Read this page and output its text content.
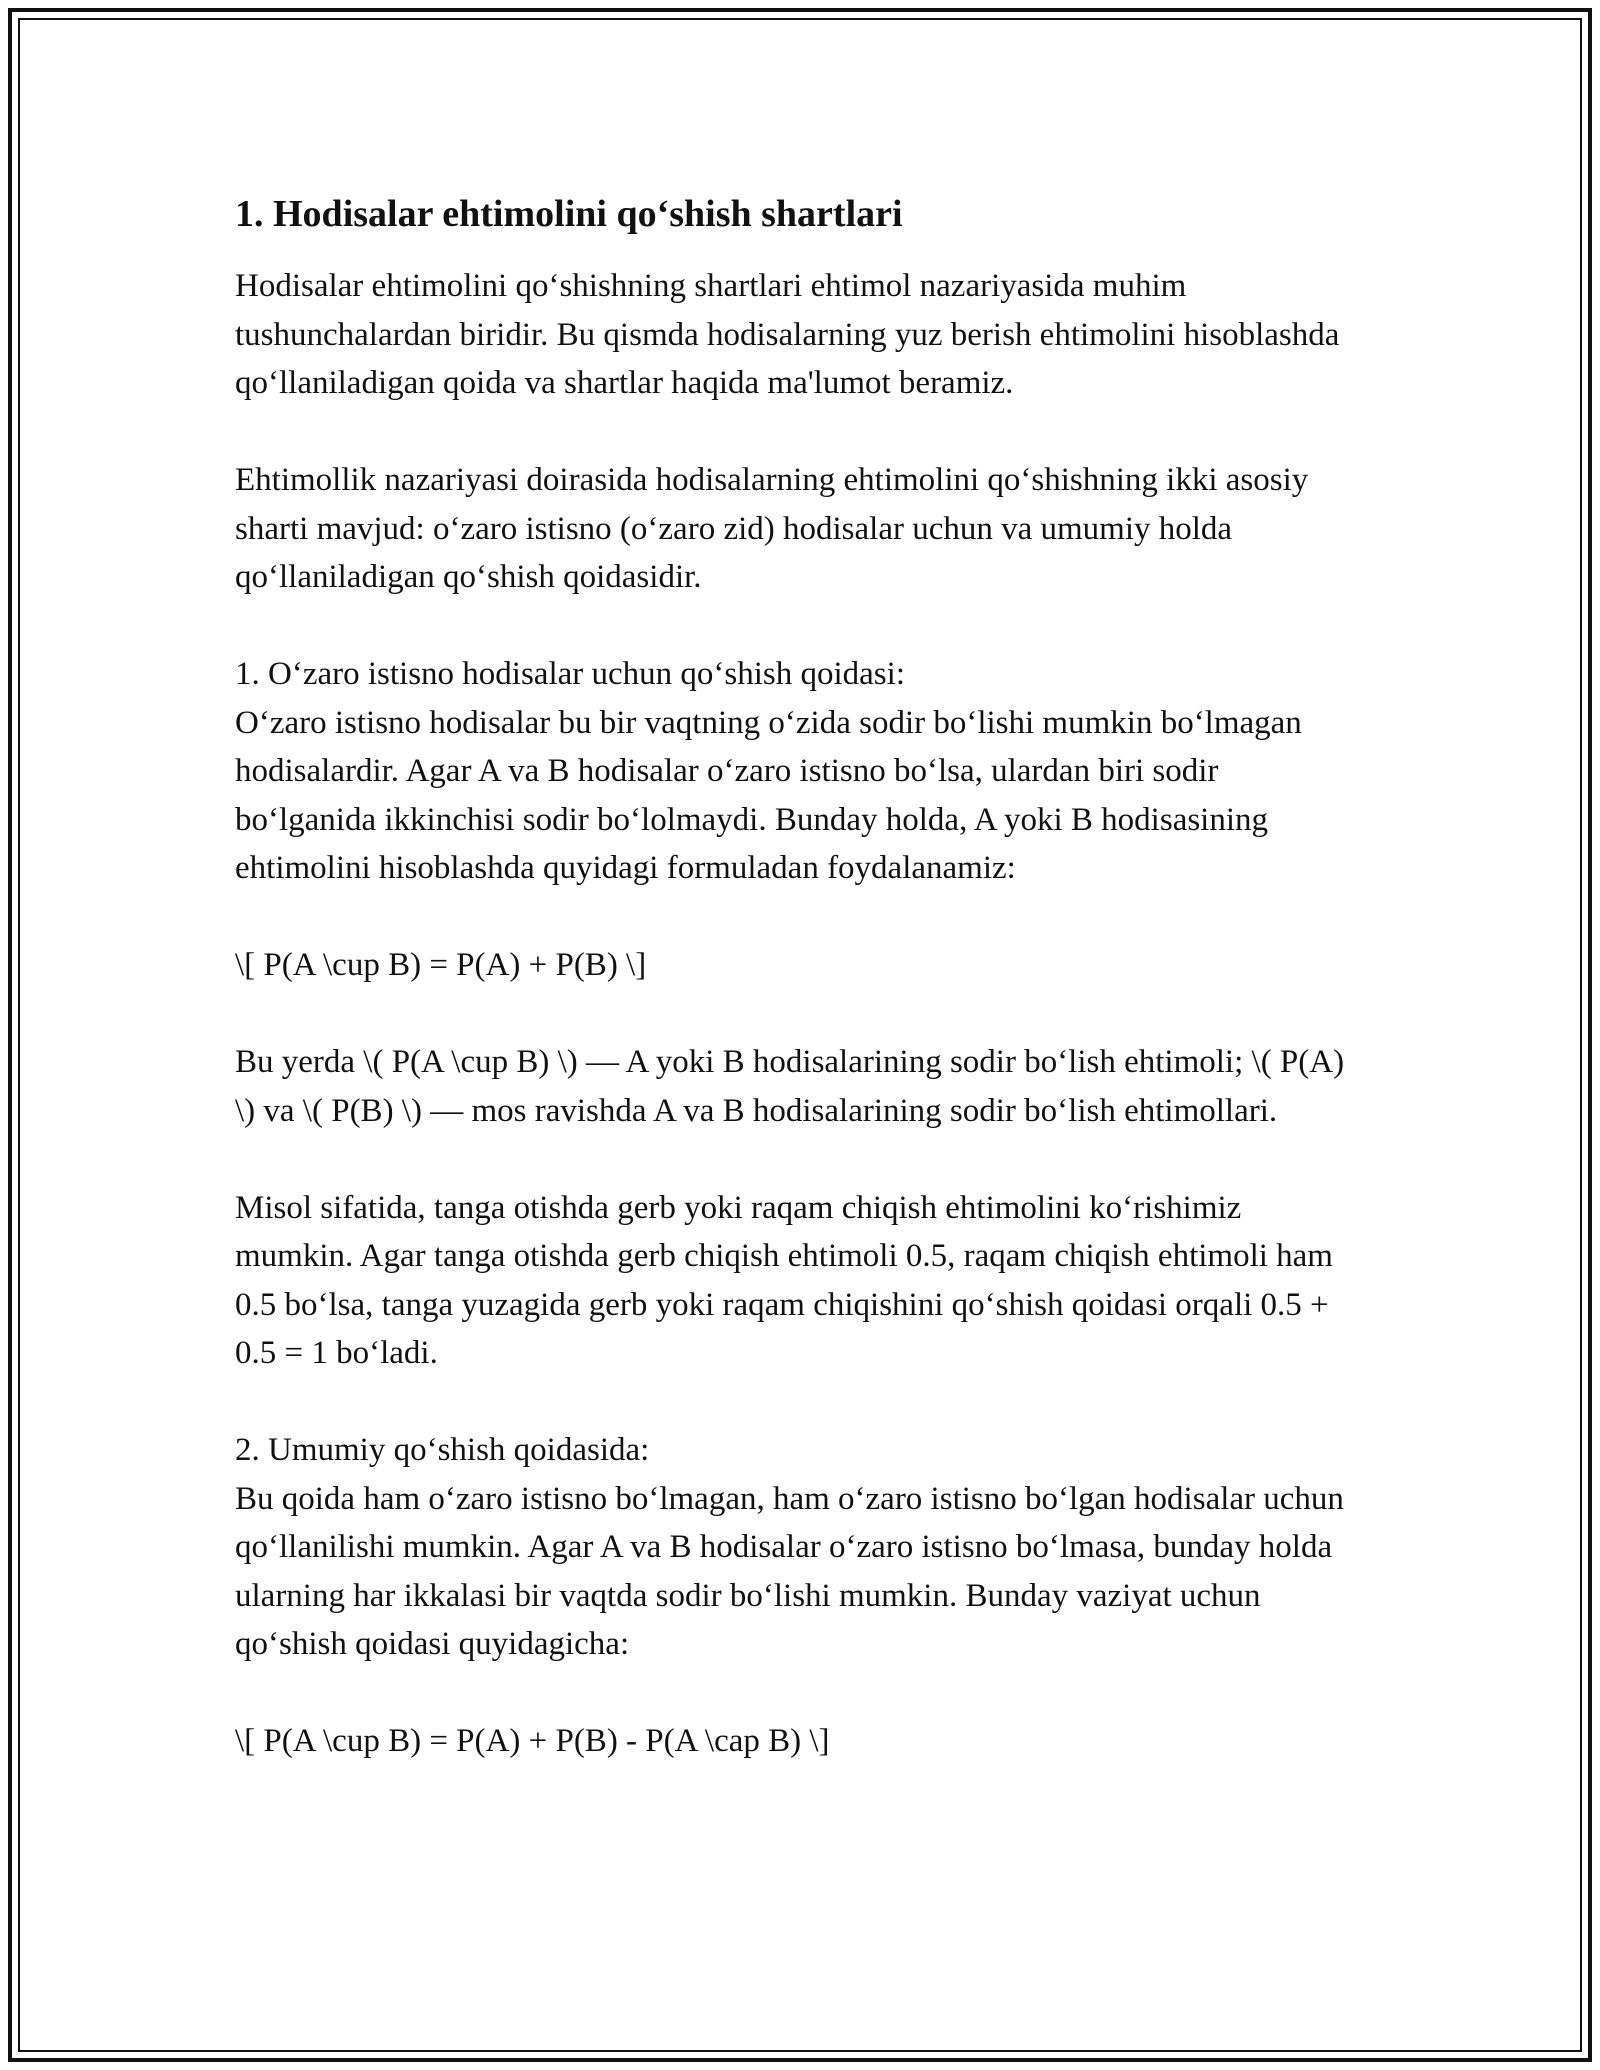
1. Hodisalar ehtimolini qo‘shish shartlari

Hodisalar ehtimolini qo‘shishning shartlari ehtimol nazariyasida muhim tushunchalardan biridir. Bu qismda hodisalarning yuz berish ehtimolini hisoblashda qo‘llaniladigan qoida va shartlar haqida ma'lumot beramiz.

Ehtimollik nazariyasi doirasida hodisalarning ehtimolini qo‘shishning ikki asosiy sharti mavjud: o‘zaro istisno (o‘zaro zid) hodisalar uchun va umumiy holda qo‘llaniladigan qo‘shish qoidasidir.

1. O‘zaro istisno hodisalar uchun qo‘shish qoidasi:
O‘zaro istisno hodisalar bu bir vaqtning o‘zida sodir bo‘lishi mumkin bo‘lmagan hodisalardir. Agar A va B hodisalar o‘zaro istisno bo‘lsa, ulardan biri sodir bo‘lganida ikkinchisi sodir bo‘lolmaydi. Bunday holda, A yoki B hodisasining ehtimolini hisoblashda quyidagi formuladan foydalanamiz:

\[ P(A \cup B) = P(A) + P(B) \]

Bu yerda \( P(A \cup B) \) — A yoki B hodisalarining sodir bo‘lish ehtimoli; \( P(A) \) va \( P(B) \) — mos ravishda A va B hodisalarining sodir bo‘lish ehtimollari.

Misol sifatida, tanga otishda gerb yoki raqam chiqish ehtimolini ko‘rishimiz mumkin. Agar tanga otishda gerb chiqish ehtimoli 0.5, raqam chiqish ehtimoli ham 0.5 bo‘lsa, tanga yuzagida gerb yoki raqam chiqishini qo‘shish qoidasi orqali 0.5 + 0.5 = 1 bo‘ladi.

2. Umumiy qo‘shish qoidasida:
Bu qoida ham o‘zaro istisno bo‘lmagan, ham o‘zaro istisno bo‘lgan hodisalar uchun qo‘llanilishi mumkin. Agar A va B hodisalar o‘zaro istisno bo‘lmasa, bunday holda ularning har ikkalasi bir vaqtda sodir bo‘lishi mumkin. Bunday vaziyat uchun qo‘shish qoidasi quyidagicha:

\[ P(A \cup B) = P(A) + P(B) - P(A \cap B) \]
